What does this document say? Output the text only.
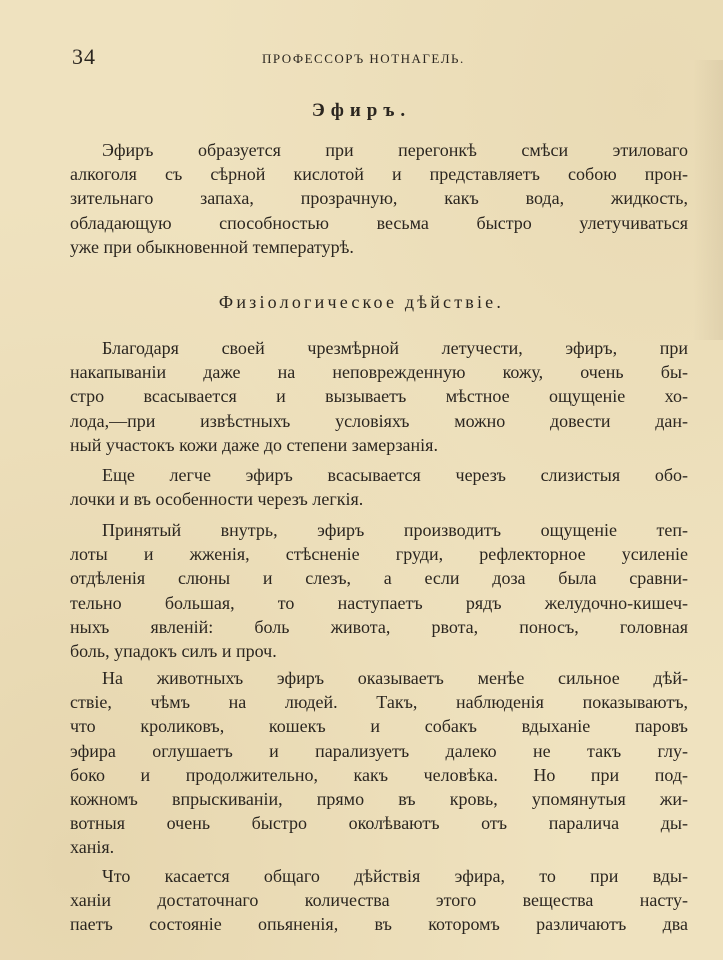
34	ПРОФЕССОРЪ НОТНАГЕЛЬ.
Эфиръ.

Эфиръ образуется при перегонкѣ смѣси этиловаго
алкоголя съ сѣрной кислотой и представляетъ собою прон-
зительнаго запаха, прозрачную, какъ вода, жидкость,
обладающую способностью весьма быстро улетучиваться
уже при обыкновенной температурѣ.

Физiологическое дѣйствiе.

Благодаря своей чрезмѣрной летучести, эфиръ, при
накапываніи даже на неповрежденную кожу, очень бы-
стро всасывается и вызываетъ мѣстное ощущенiе хо-
лода,—при извѣстныхъ условiяхъ можно довести дан-
ный участокъ кожи даже до степени замерзанія.

Еще легче эфиръ всасывается черезъ слизистыя обо-
лочки и въ особенности черезъ легкiя.

Принятый внутрь, эфиръ производитъ ощущенiе теп-
лоты и жженiя, стѣсненiе груди, рефлекторное усиленiе
отдѣленiя слюны и слезъ, а если доза была сравни-
тельно большая, то наступаетъ рядъ желудочно-кишеч-
ныхъ явленiй: боль живота, рвота, поносъ, головная
боль, упадокъ силъ и проч.

На животныхъ эфиръ оказываетъ менѣе сильное дѣй-
ствiе, чѣмъ на людей. Такъ, наблюденiя показываютъ,
что кроликовъ, кошекъ и собакъ вдыханiе паровъ
эфира оглушаетъ и парализуетъ далеко не такъ глу-
боко и продолжительно, какъ человѣка. Но при под-
кожномъ впрыскиванiи, прямо въ кровь, упомянутыя жи-
вотныя очень быстро околѣваютъ отъ паралича ды-
ханiя.

Что касается общаго дѣйствiя эфира, то при вды-
ханiи достаточнаго количества этого вещества насту-
паетъ состоянiе опьяненiя, въ которомъ различаютъ два
